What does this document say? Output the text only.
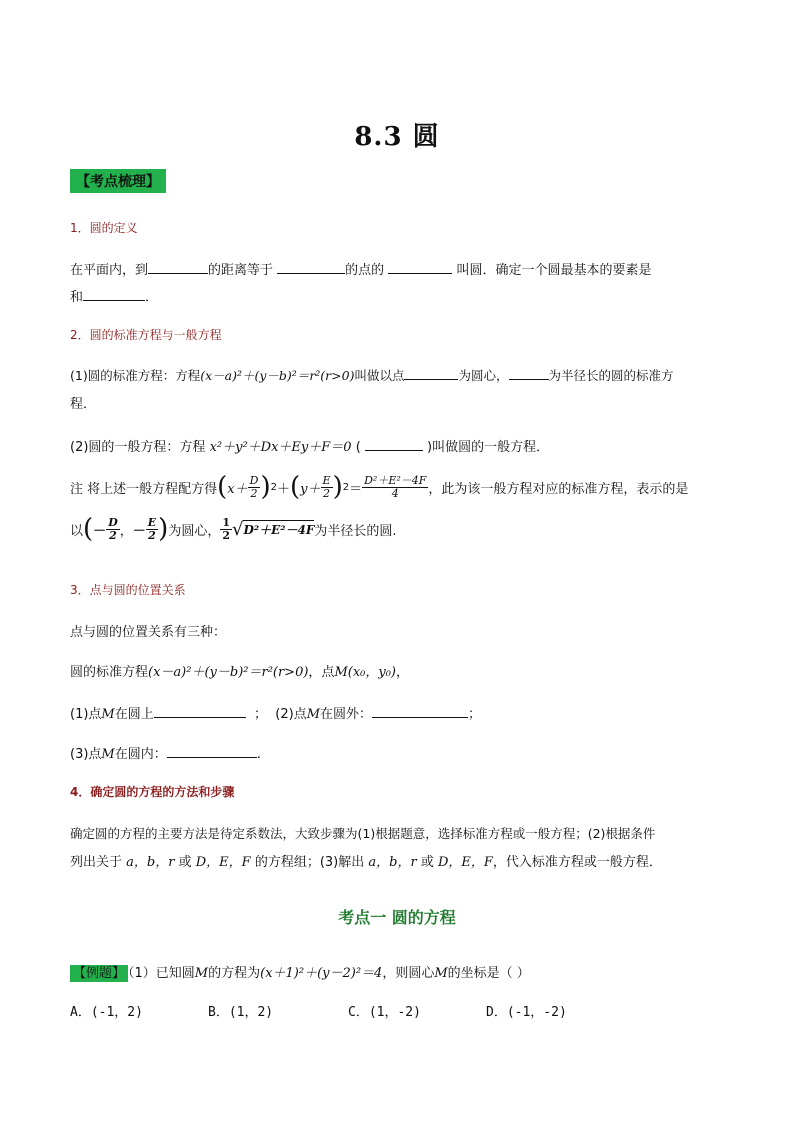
8.3 圆
【考点梳理】
1．圆的定义
在平面内，到	的距离等于	的点的	叫圆．确定一个圆最基本的要素是
和	．
2．圆的标准方程与一般方程
(1)圆的标准方程：方程(x－a)²＋(y－b)²＝r²(r>0)叫做以点	为圆心，	为半径长的圆的标准方
程．
(2)圆的一般方程：方程 x²＋y²＋Dx＋Ey＋F＝0 (	)叫做圆的一般方程．
注 将上述一般方程配方得 ( $x+ \frac{D}{2}$ ) 2 ＋ ( $y+ \frac{E}{2}$ ) $2 = \frac{\text{D²＋E²－4F}}{4}$ ，此为该一般方程对应的标准方程，表示的是
以 ( － $\frac{D}{2}$ ， － $\frac{E}{2}$ ) 为圆心， $\frac{1}{2}$ √ D²＋E²－4F 为半径长的圆.
3．点与圆的位置关系
点与圆的位置关系有三种：
圆的标准方程(x－a)²＋(y－b)²＝r²(r>0)，点M(x₀，y₀)，
(1)点M在圆上	； (2)点M在圆外：	；
(3)点M在圆内：	.
4．确定圆的方程的方法和步骤
确定圆的方程的主要方法是待定系数法，大致步骤为(1)根据题意，选择标准方程或一般方程；(2)根据条件
列出关于 a，b，r 或 D，E，F 的方程组；(3)解出 a，b，r 或 D，E，F，代入标准方程或一般方程．
考点一 圆的方程
【例题】 （1）已知圆M的方程为(x＋1)²＋(y－2)²＝4，则圆心M的坐标是（ ）
A．(-1，2)	B．(1，2)	C．(1，-2)	D．(-1，-2)
